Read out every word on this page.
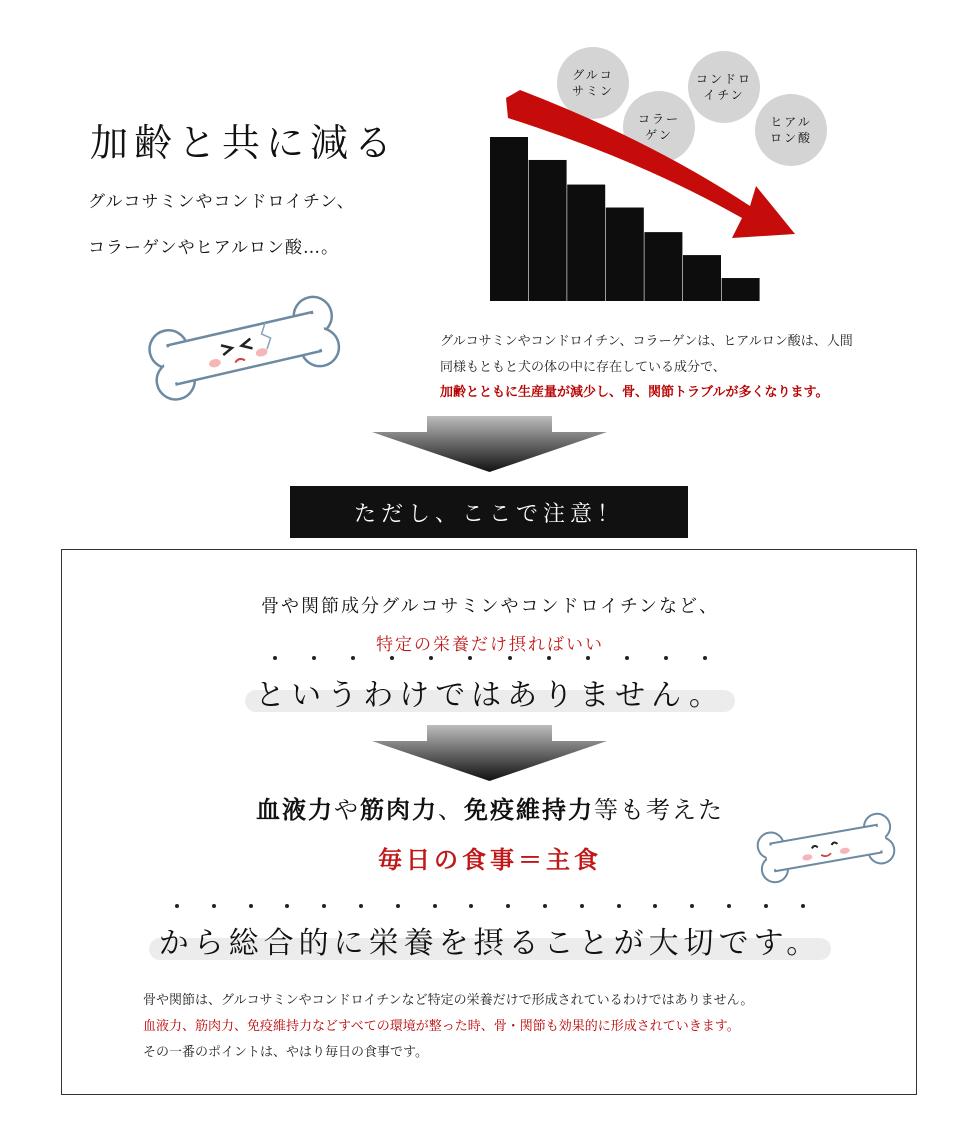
加齢と共に減る
グルコサミンやコンドロイチン、
コラーゲンやヒアルロン酸…。
グルコ
サミン
コラー
ゲン
コンドロ
イチン
ヒアル
ロン酸
グルコサミンやコンドロイチン、コラーゲンは、ヒアルロン酸は、人間
同様もともと犬の体の中に存在している成分で、
加齢とともに生産量が減少し、骨、関節トラブルが多くなります。
ただし、ここで注意！
骨や関節成分グルコサミンやコンドロイチンなど、
特定の栄養だけ摂ればいい
というわけではありません。
血液力や筋肉力、免疫維持力等も考えた
毎日の食事＝主食
から総合的に栄養を摂ることが大切です。
骨や関節は、グルコサミンやコンドロイチンなど特定の栄養だけで形成されているわけではありません。
血液力、筋肉力、免疫維持力などすべての環境が整った時、骨・関節も効果的に形成されていきます。
その一番のポイントは、やはり毎日の食事です。
